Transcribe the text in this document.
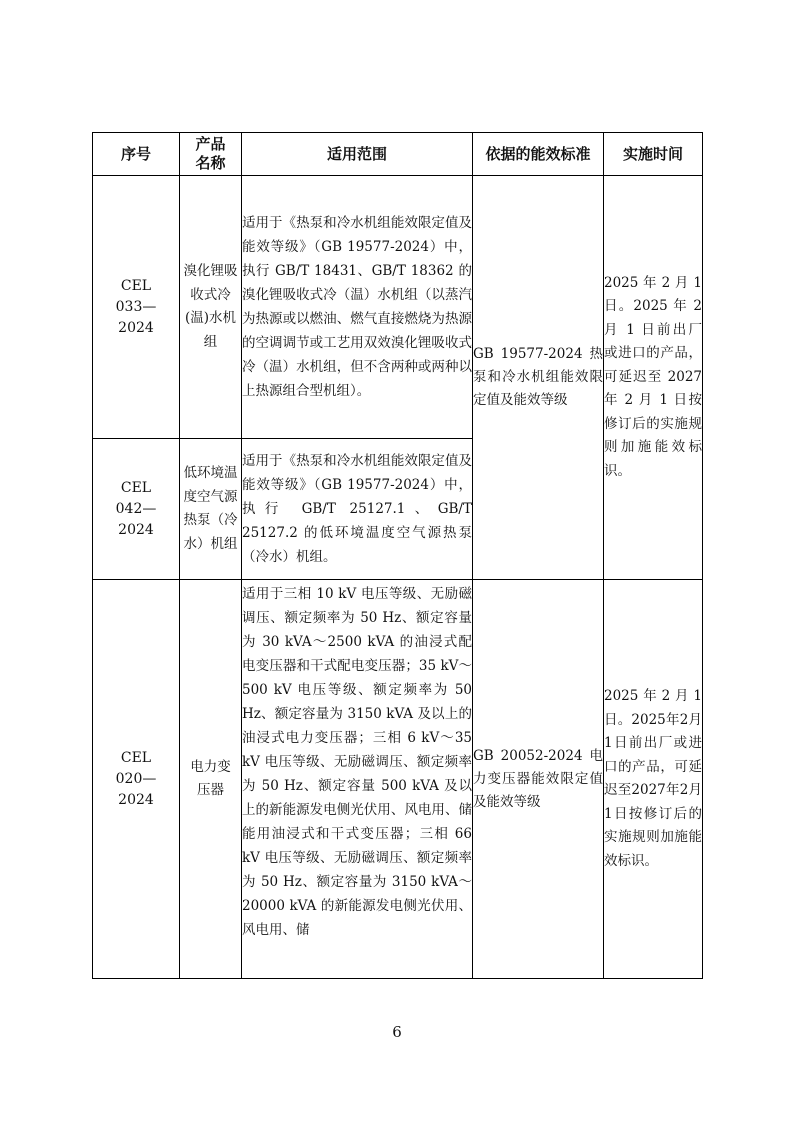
序号	产品名称	适用范围	依据的能效标准	实施时间
CEL 033—2024	溴化锂吸收式冷(温)水机组	适用于《热泵和冷水机组能效限定值及能效等级》（GB 19577-2024）中，执行 GB/T 18431、GB/T 18362 的溴化锂吸收式冷（温）水机组（以蒸汽为热源或以燃油、燃气直接燃烧为热源的空调调节或工艺用双效溴化锂吸收式冷（温）水机组，但不含两种或两种以上热源组合型机组）。	GB 19577-2024 热泵和冷水机组能效限定值及能效等级	2025 年 2 月 1 日。2025 年 2 月 1 日前出厂或进口的产品，可延迟至 2027 年 2 月 1 日按修订后的实施规则加施能效标识。
CEL 042—2024	低环境温度空气源热泵（冷水）机组	适用于《热泵和冷水机组能效限定值及能效等级》（GB 19577-2024）中，执行 GB/T 25127.1、GB/T 25127.2 的低环境温度空气源热泵（冷水）机组。		
CEL 020—2024	电力变压器	适用于三相 10 kV 电压等级、无励磁调压、额定频率为 50 Hz、额定容量为 30 kVA～2500 kVA 的油浸式配电变压器和干式配电变压器；35 kV～500 kV 电压等级、额定频率为 50 Hz、额定容量为 3150 kVA 及以上的油浸式电力变压器；三相 6 kV～35 kV 电压等级、无励磁调压、额定频率为 50 Hz、额定容量 500 kVA 及以上的新能源发电侧光伏用、风电用、储能用油浸式和干式变压器；三相 66 kV 电压等级、无励磁调压、额定频率为 50 Hz、额定容量为 3150 kVA～20000 kVA 的新能源发电侧光伏用、风电用、储	GB 20052-2024 电力变压器能效限定值及能效等级	2025年2月1日。2025年2月1日前出厂或进口的产品，可延迟至2027年2月1日按修订后的实施规则加施能效标识。
6
